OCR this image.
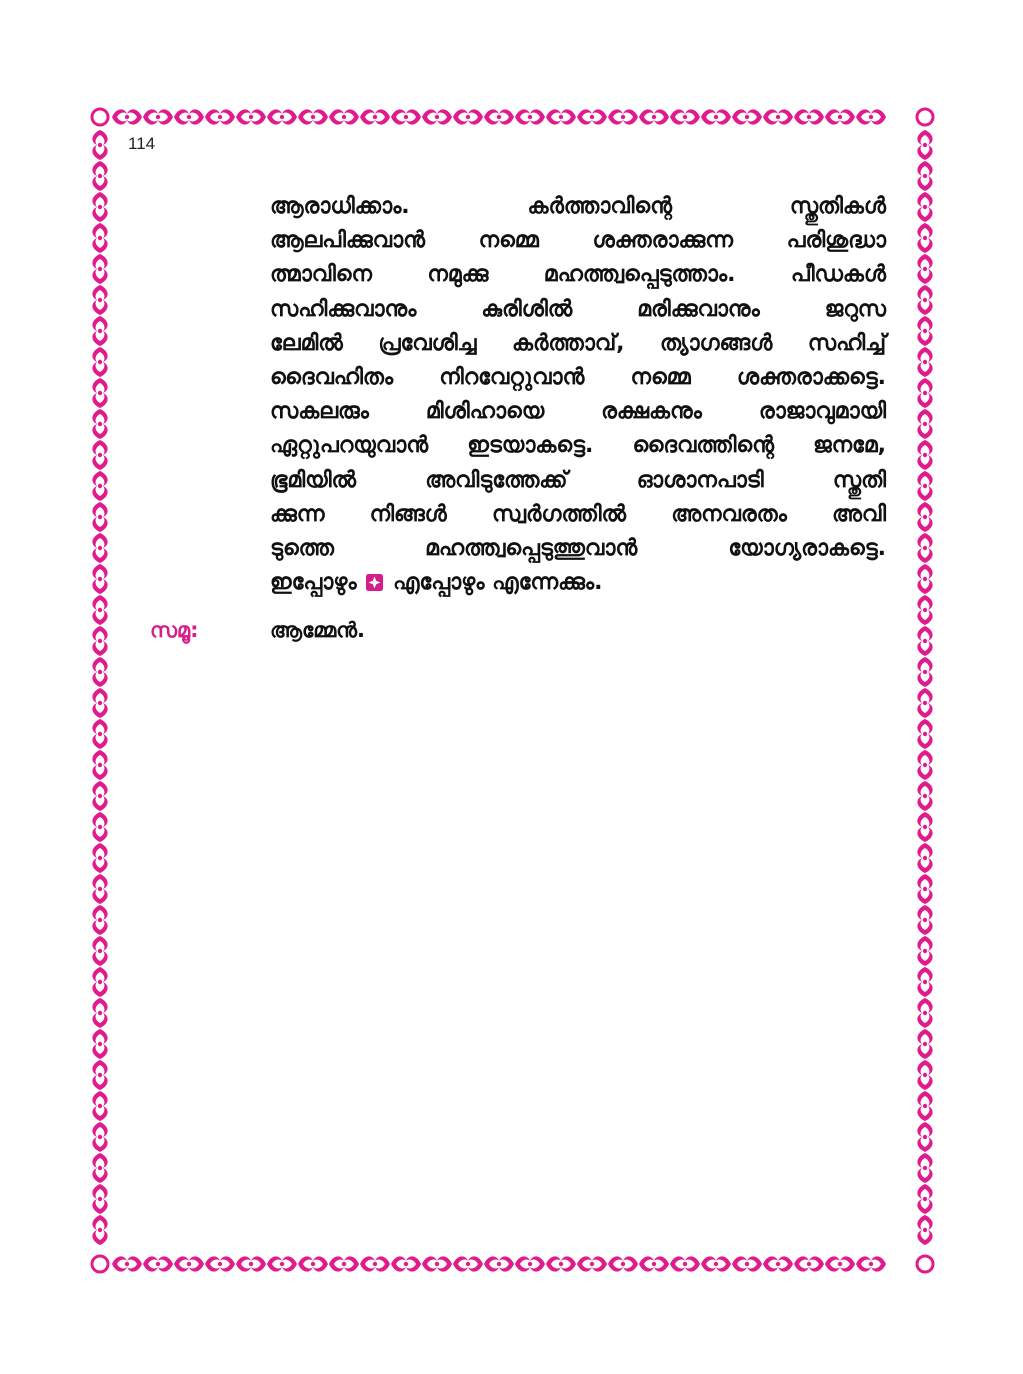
114
ആരാധിക്കാം. കർത്താവിന്റെ സ്തുതികൾ
ആലപിക്കുവാൻ നമ്മെ ശക്തരാക്കുന്ന പരിശുദ്ധാ
ത്മാവിനെ നമുക്കു മഹത്ത്വപ്പെടുത്താം. പീഡകൾ
സഹിക്കുവാനും കുരിശിൽ മരിക്കുവാനും ജറുസ
ലേമിൽ പ്രവേശിച്ച കർത്താവ്, ത്യാഗങ്ങൾ സഹിച്ച്
ദൈവഹിതം നിറവേറ്റുവാൻ നമ്മെ ശക്തരാക്കട്ടെ.
സകലരും മിശിഹായെ രക്ഷകനും രാജാവുമായി
ഏറ്റുപറയുവാൻ ഇടയാകട്ടെ. ദൈവത്തിന്റെ ജനമേ,
ഭൂമിയിൽ അവിടുത്തേക്ക് ഓശാനപാടി സ്തുതി
ക്കുന്ന നിങ്ങൾ സ്വർഗത്തിൽ അനവരതം അവി
ടുത്തെ മഹത്ത്വപ്പെടുത്തുവാൻ യോഗ്യരാകട്ടെ.
ഇപ്പോഴും എപ്പോഴും എന്നേക്കും.
സമൂ:	ആമ്മേൻ.
